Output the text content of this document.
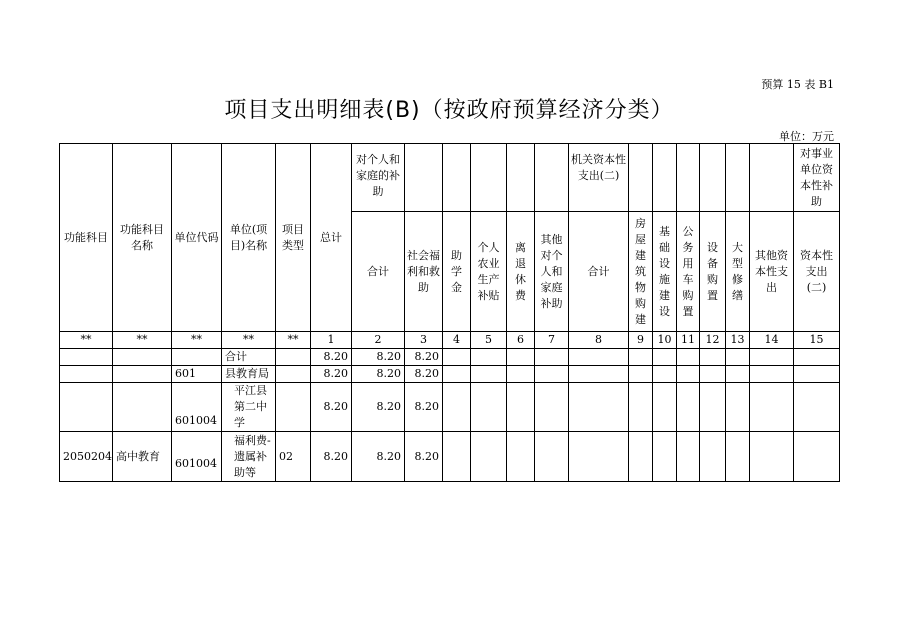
预算 15 表 B1
项目支出明细表(B)（按政府预算经济分类）
单位：万元
功能科目	功能科目名称	单位代码	单位(项目)名称	项目类型	总计	对个人和家庭的补助						机关资本性支出(二)							对事业单位资本性补助
						合计	社会福利和救助	助学金	个人农业生产补贴	离退休费	其他对个人和家庭补助	合计	房屋建筑物购建	基础设施建设	公务用车购置	设备购置	大型修缮	其他资本性支出	资本性支出(二)
**	**	**	**	**	1	2	3	4	5	6	7	8	9	10	11	12	13	14	15
			合计		8.20	8.20	8.20												
		601	县教育局		8.20	8.20	8.20												
		601004	平江县第二中学		8.20	8.20	8.20												
2050204	高中教育	601004	福利费-遗属补助等	02	8.20	8.20	8.20												
